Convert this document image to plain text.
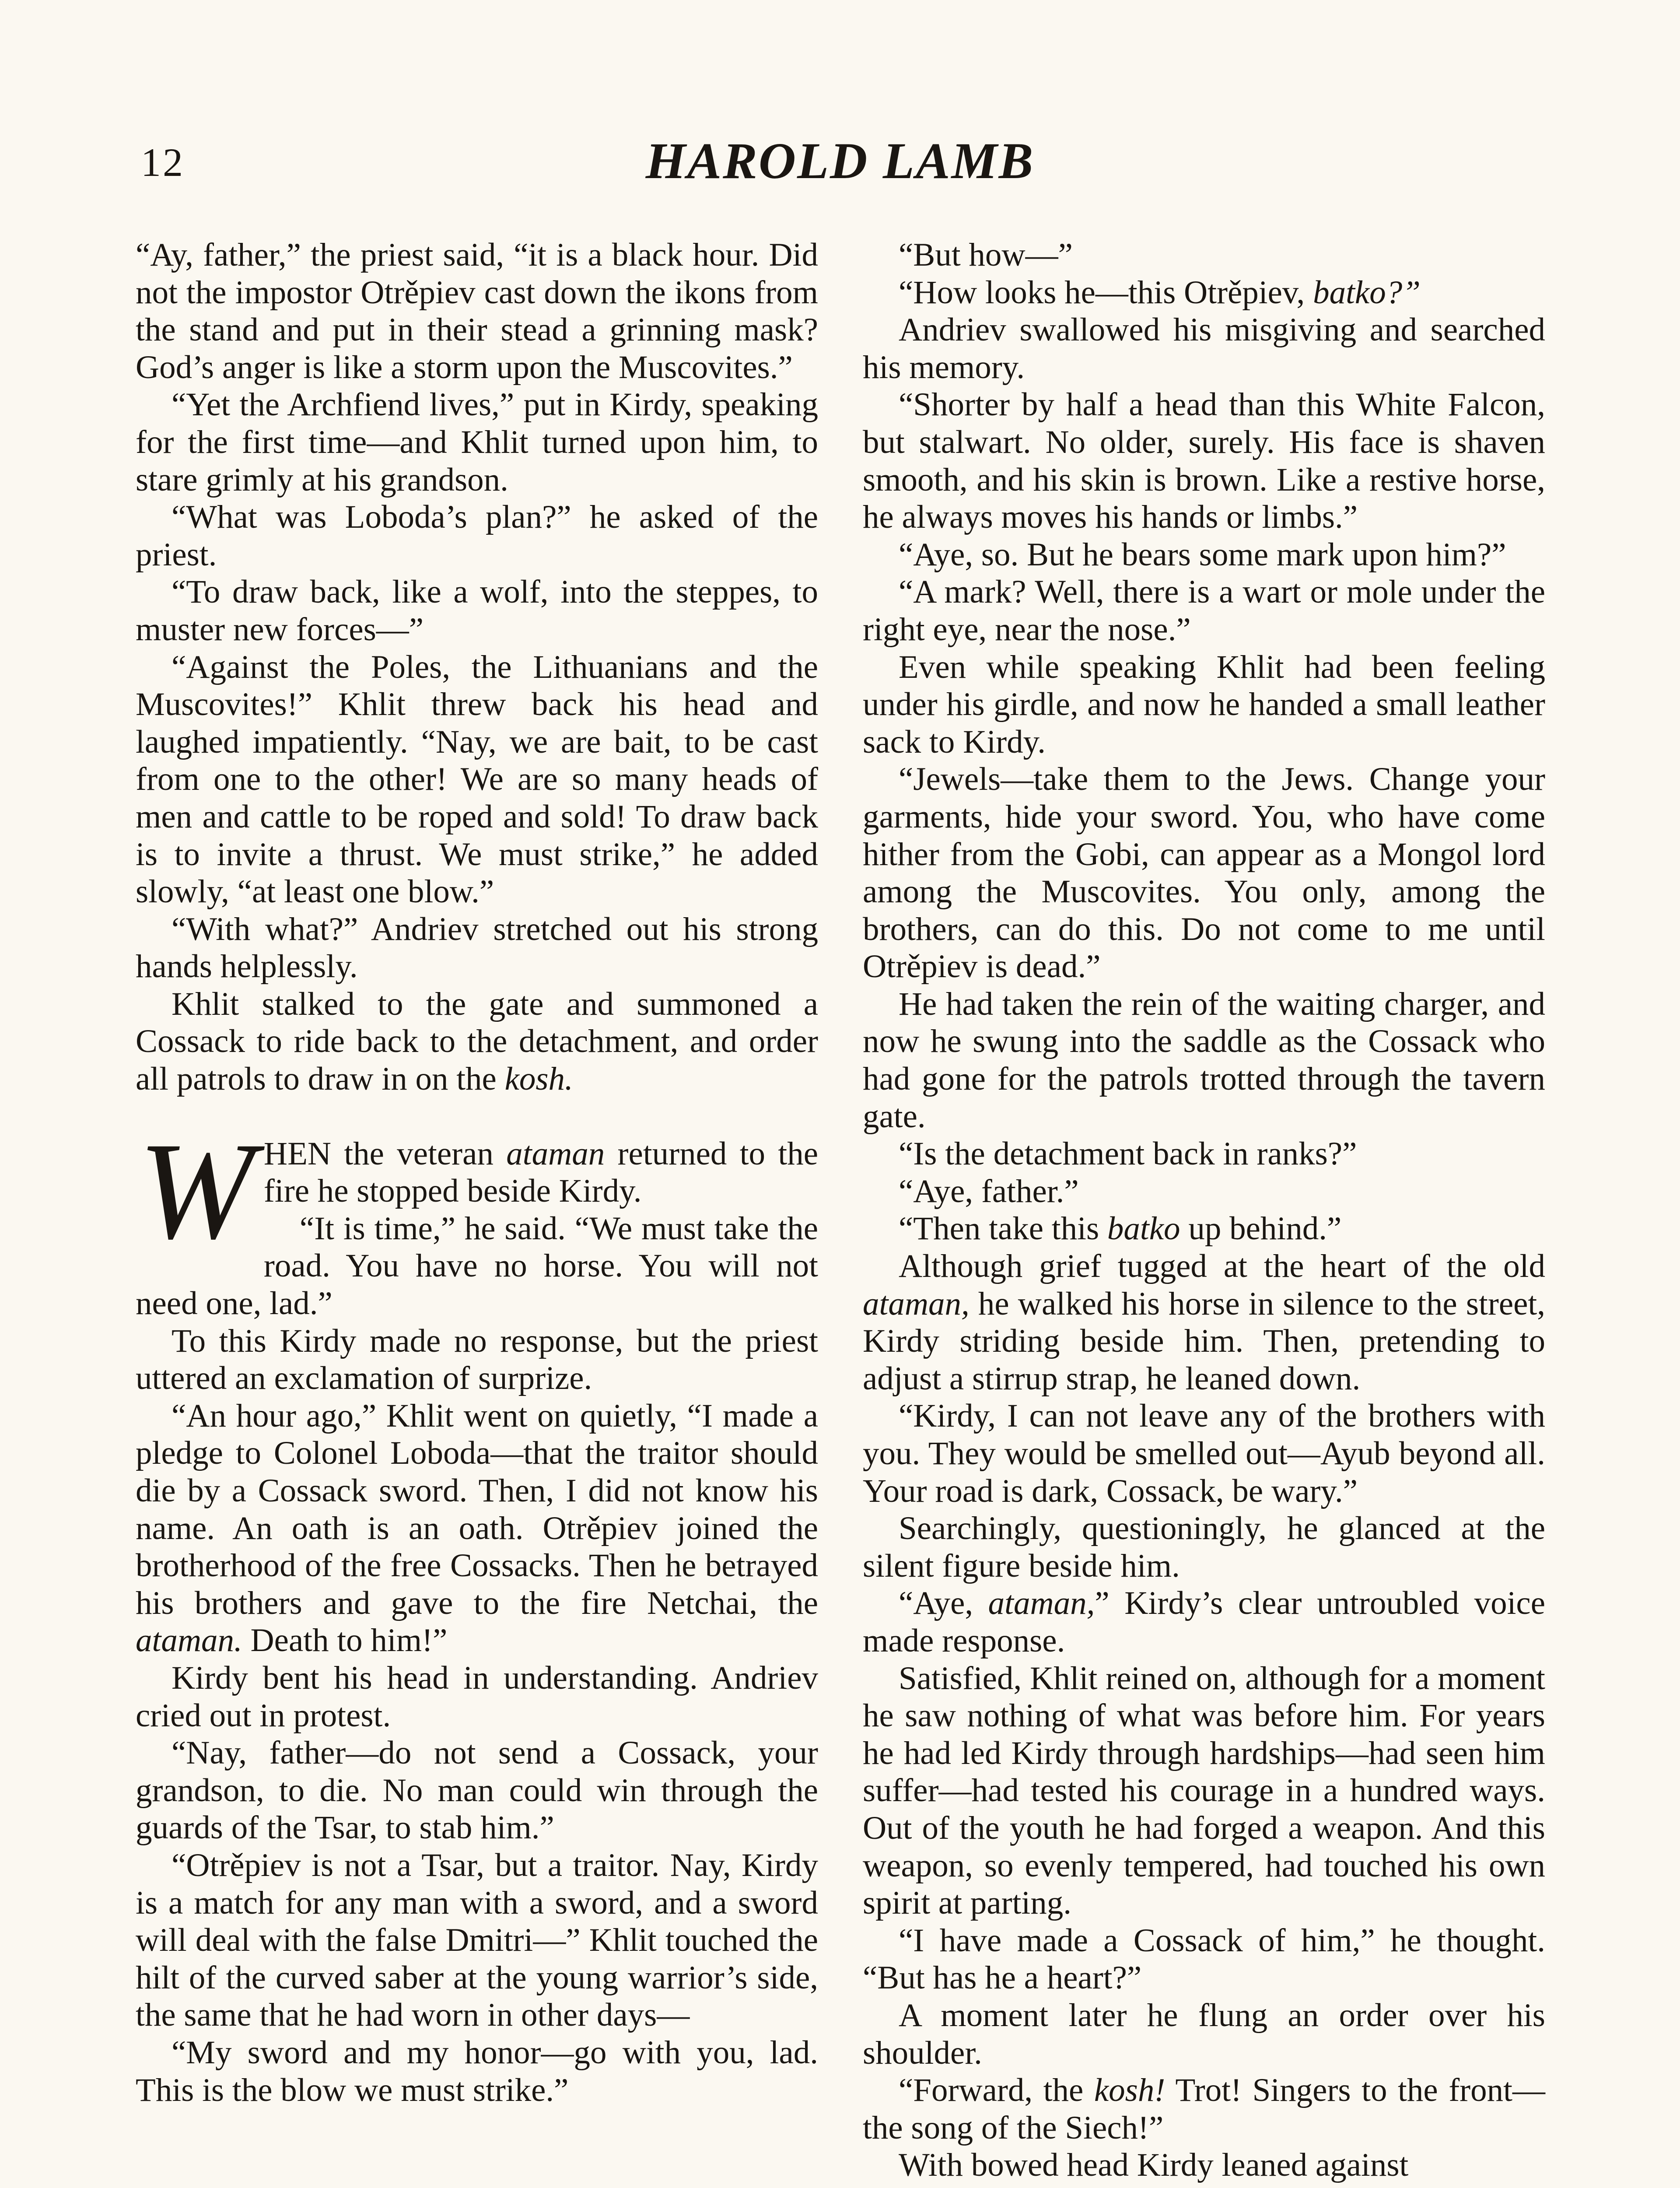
12	HAROLD LAMB

“Ay, father,” the priest said, “it is a black hour. Did not the impostor Otrěpiev cast down the ikons from the stand and put in their stead a grinning mask? God’s anger is like a storm upon the Muscovites.”

“Yet the Archfiend lives,” put in Kirdy, speaking for the first time—and Khlit turned upon him, to stare grimly at his grandson.

“What was Loboda’s plan?” he asked of the priest.

“To draw back, like a wolf, into the steppes, to muster new forces—”

“Against the Poles, the Lithuanians and the Muscovites!” Khlit threw back his head and laughed impatiently. “Nay, we are bait, to be cast from one to the other! We are so many heads of men and cattle to be roped and sold! To draw back is to invite a thrust. We must strike,” he added slowly, “at least one blow.”

“With what?” Andriev stretched out his strong hands helplessly.

Khlit stalked to the gate and summoned a Cossack to ride back to the detachment, and order all patrols to draw in on the kosh.

WHEN the veteran ataman returned to the fire he stopped beside Kirdy.

“It is time,” he said. “We must take the road. You have no horse. You will not need one, lad.”

To this Kirdy made no response, but the priest uttered an exclamation of surprize.

“An hour ago,” Khlit went on quietly, “I made a pledge to Colonel Loboda—that the traitor should die by a Cossack sword. Then, I did not know his name. An oath is an oath. Otrěpiev joined the brotherhood of the free Cossacks. Then he betrayed his brothers and gave to the fire Netchai, the ataman. Death to him!”

Kirdy bent his head in understanding. Andriev cried out in protest.

“Nay, father—do not send a Cossack, your grandson, to die. No man could win through the guards of the Tsar, to stab him.”

“Otrěpiev is not a Tsar, but a traitor. Nay, Kirdy is a match for any man with a sword, and a sword will deal with the false Dmitri—” Khlit touched the hilt of the curved saber at the young warrior’s side, the same that he had worn in other days—

“My sword and my honor—go with you, lad. This is the blow we must strike.”

“But how—”

“How looks he—this Otrěpiev, batko?”

Andriev swallowed his misgiving and searched his memory.

“Shorter by half a head than this White Falcon, but stalwart. No older, surely. His face is shaven smooth, and his skin is brown. Like a restive horse, he always moves his hands or limbs.”

“Aye, so. But he bears some mark upon him?”

“A mark? Well, there is a wart or mole under the right eye, near the nose.”

Even while speaking Khlit had been feeling under his girdle, and now he handed a small leather sack to Kirdy.

“Jewels—take them to the Jews. Change your garments, hide your sword. You, who have come hither from the Gobi, can appear as a Mongol lord among the Muscovites. You only, among the brothers, can do this. Do not come to me until Otrěpiev is dead.”

He had taken the rein of the waiting charger, and now he swung into the saddle as the Cossack who had gone for the patrols trotted through the tavern gate.

“Is the detachment back in ranks?”

“Aye, father.”

“Then take this batko up behind.”

Although grief tugged at the heart of the old ataman, he walked his horse in silence to the street, Kirdy striding beside him. Then, pretending to adjust a stirrup strap, he leaned down.

“Kirdy, I can not leave any of the brothers with you. They would be smelled out—Ayub beyond all. Your road is dark, Cossack, be wary.”

Searchingly, questioningly, he glanced at the silent figure beside him.

“Aye, ataman,” Kirdy’s clear untroubled voice made response.

Satisfied, Khlit reined on, although for a moment he saw nothing of what was before him. For years he had led Kirdy through hardships—had seen him suffer—had tested his courage in a hundred ways. Out of the youth he had forged a weapon. And this weapon, so evenly tempered, had touched his own spirit at parting.

“I have made a Cossack of him,” he thought. “But has he a heart?”

A moment later he flung an order over his shoulder.

“Forward, the kosh! Trot! Singers to the front—the song of the Siech!”

With bowed head Kirdy leaned against
